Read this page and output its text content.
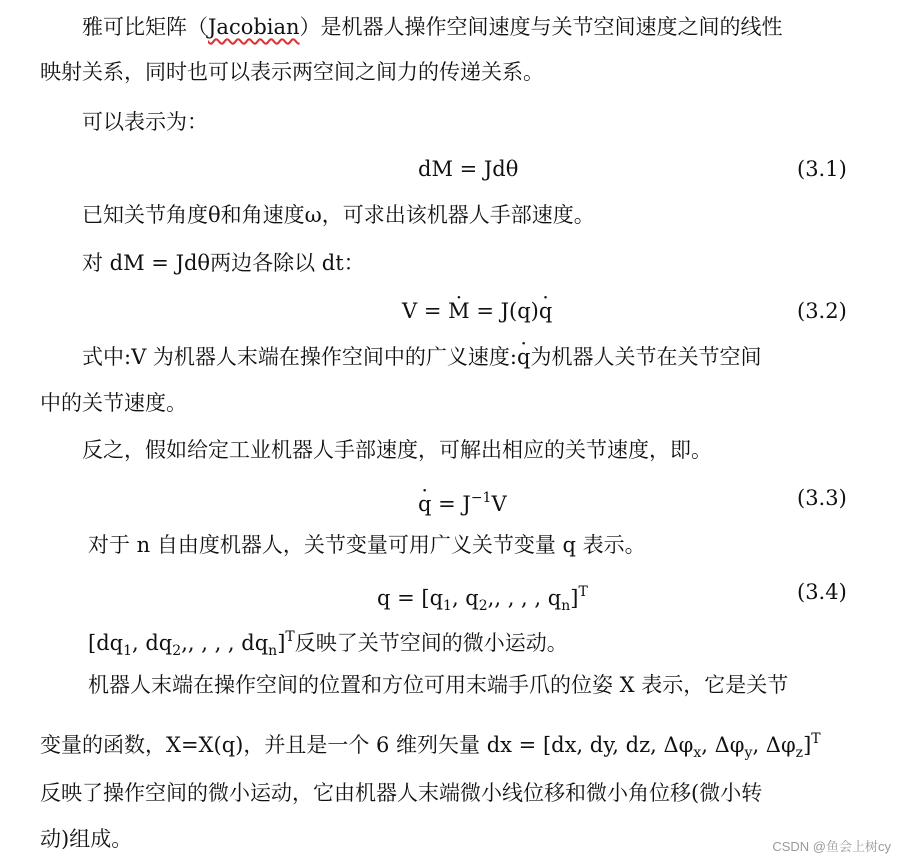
雅可比矩阵（Jacobian）是机器人操作空间速度与关节空间速度之间的线性
映射关系，同时也可以表示两空间之间力的传递关系。
可以表示为：
dM = Jdθ	(3.1)
已知关节角度θ和角速度ω，可求出该机器人手部速度。
对 dM = Jdθ两边各除以 dt：
V = M · = J(q)q ·	(3.2)
式中:V 为机器人末端在操作空间中的广义速度:q ·为机器人关节在关节空间
中的关节速度。
反之，假如给定工业机器人手部速度，可解出相应的关节速度，即。
q · = $J^{-1}V$	(3.3)
对于 n 自由度机器人，关节变量可用广义关节变量 q 表示。
$q = [q_1$, $q_2$,, , , , $q_n]^T$	(3.4)
[$dq_1$, $dq_2$,, , , , $dq_n]^T$反映了关节空间的微小运动。
机器人末端在操作空间的位置和方位可用末端手爪的位姿 X 表示，它是关节
变量的函数，X=X(q)，并且是一个 6 维列矢量 dx = [dx, dy, dz, $\Delta\varphi_x$, $\Delta\varphi_y$, $\Delta\varphi_z]^T$
反映了操作空间的微小运动，它由机器人末端微小线位移和微小角位移(微小转
动)组成。	CSDN @鱼会上树cy
